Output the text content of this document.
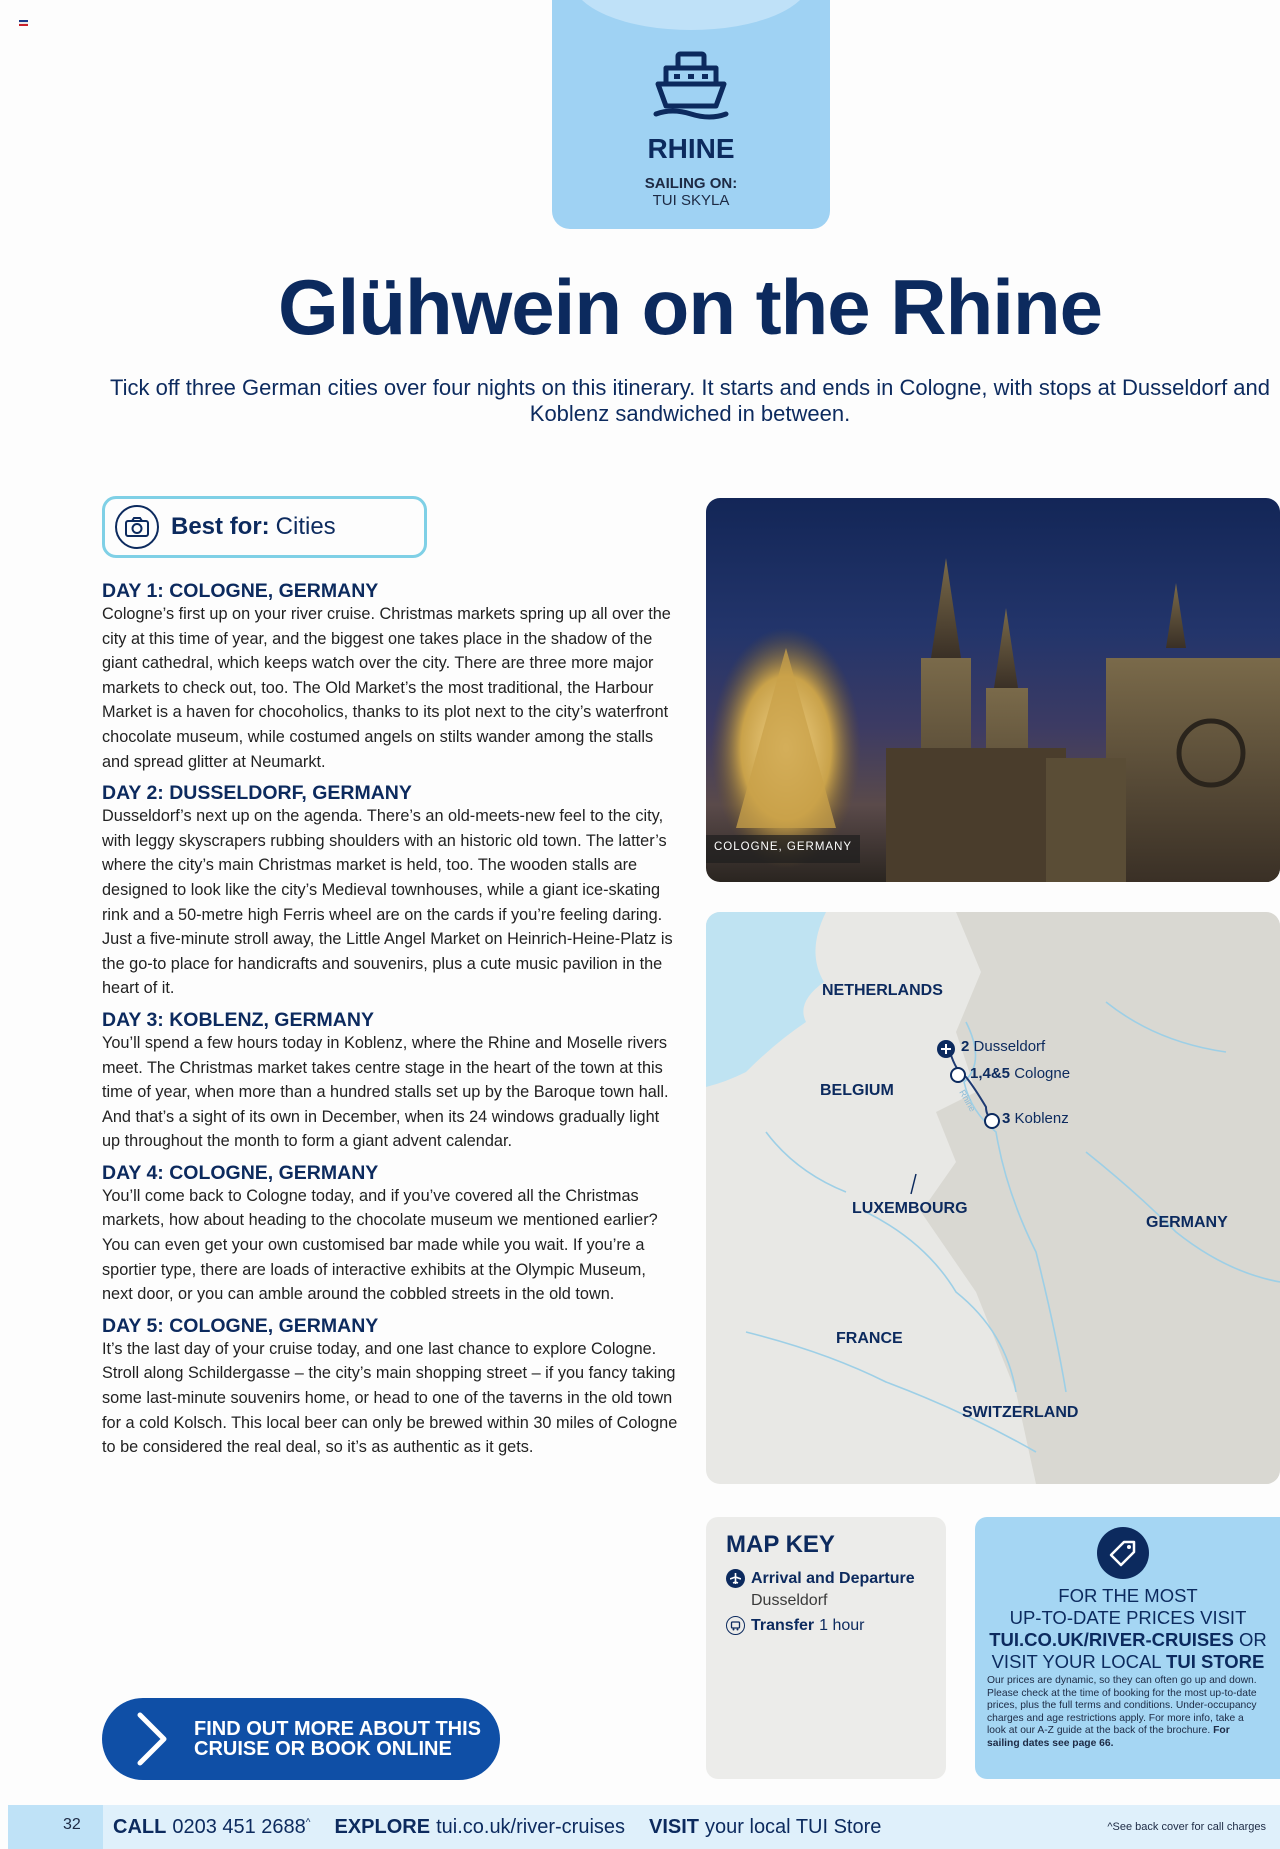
RHINE
SAILING ON:
TUI SKYLA
Glühwein on the Rhine

Tick off three German cities over four nights on this itinerary. It starts and ends in Cologne, with stops at Dusseldorf and Koblenz sandwiched in between.

Best for: Cities
DAY 1: COLOGNE, GERMANY

Cologne’s first up on your river cruise. Christmas markets spring up all over the city at this time of year, and the biggest one takes place in the shadow of the giant cathedral, which keeps watch over the city. There are three more major markets to check out, too. The Old Market’s the most traditional, the Harbour Market is a haven for chocoholics, thanks to its plot next to the city’s waterfront chocolate museum, while costumed angels on stilts wander among the stalls and spread glitter at Neumarkt.

DAY 2: DUSSELDORF, GERMANY

Dusseldorf’s next up on the agenda. There’s an old-meets-new feel to the city, with leggy skyscrapers rubbing shoulders with an historic old town. The latter’s where the city’s main Christmas market is held, too. The wooden stalls are designed to look like the city’s Medieval townhouses, while a giant ice-skating rink and a 50-metre high Ferris wheel are on the cards if you’re feeling daring. Just a five-minute stroll away, the Little Angel Market on Heinrich-Heine-Platz is the go-to place for handicrafts and souvenirs, plus a cute music pavilion in the heart of it.

DAY 3: KOBLENZ, GERMANY

You’ll spend a few hours today in Koblenz, where the Rhine and Moselle rivers meet. The Christmas market takes centre stage in the heart of the town at this time of year, when more than a hundred stalls set up by the Baroque town hall. And that’s a sight of its own in December, when its 24 windows gradually light up throughout the month to form a giant advent calendar.

DAY 4: COLOGNE, GERMANY

You’ll come back to Cologne today, and if you’ve covered all the Christmas markets, how about heading to the chocolate museum we mentioned earlier? You can even get your own customised bar made while you wait. If you’re a sportier type, there are loads of interactive exhibits at the Olympic Museum, next door, or you can amble around the cobbled streets in the old town.

DAY 5: COLOGNE, GERMANY

It’s the last day of your cruise today, and one last chance to explore Cologne. Stroll along Schildergasse – the city’s main shopping street – if you fancy taking some last-minute souvenirs home, or head to one of the taverns in the old town for a cold Kolsch. This local beer can only be brewed within 30 miles of Cologne to be considered the real deal, so it’s as authentic as it gets.

COLOGNE, GERMANY
Rhine
NETHERLANDS
BELGIUM
LUXEMBOURG
GERMANY
FRANCE
SWITZERLAND
2 Dusseldorf
1,4&5 Cologne
3 Koblenz
MAP KEY
Arrival and Departure
Dusseldorf
Transfer 1 hour
FOR THE MOST
UP-TO-DATE PRICES VISIT
TUI.CO.UK/RIVER-CRUISES OR
VISIT YOUR LOCAL TUI STORE
Our prices are dynamic, so they can often go up and down. Please check at the time of booking for the most up-to-date prices, plus the full terms and conditions. Under-occupancy charges and age restrictions apply. For more info, take a look at our A-Z guide at the back of the brochure. For sailing dates see page 66.
FIND OUT MORE ABOUT THIS
CRUISE OR BOOK ONLINE
32 CALL 0203 451 2688^ EXPLORE tui.co.uk/river-cruises VISIT your local TUI Store	^See back cover for call charges
